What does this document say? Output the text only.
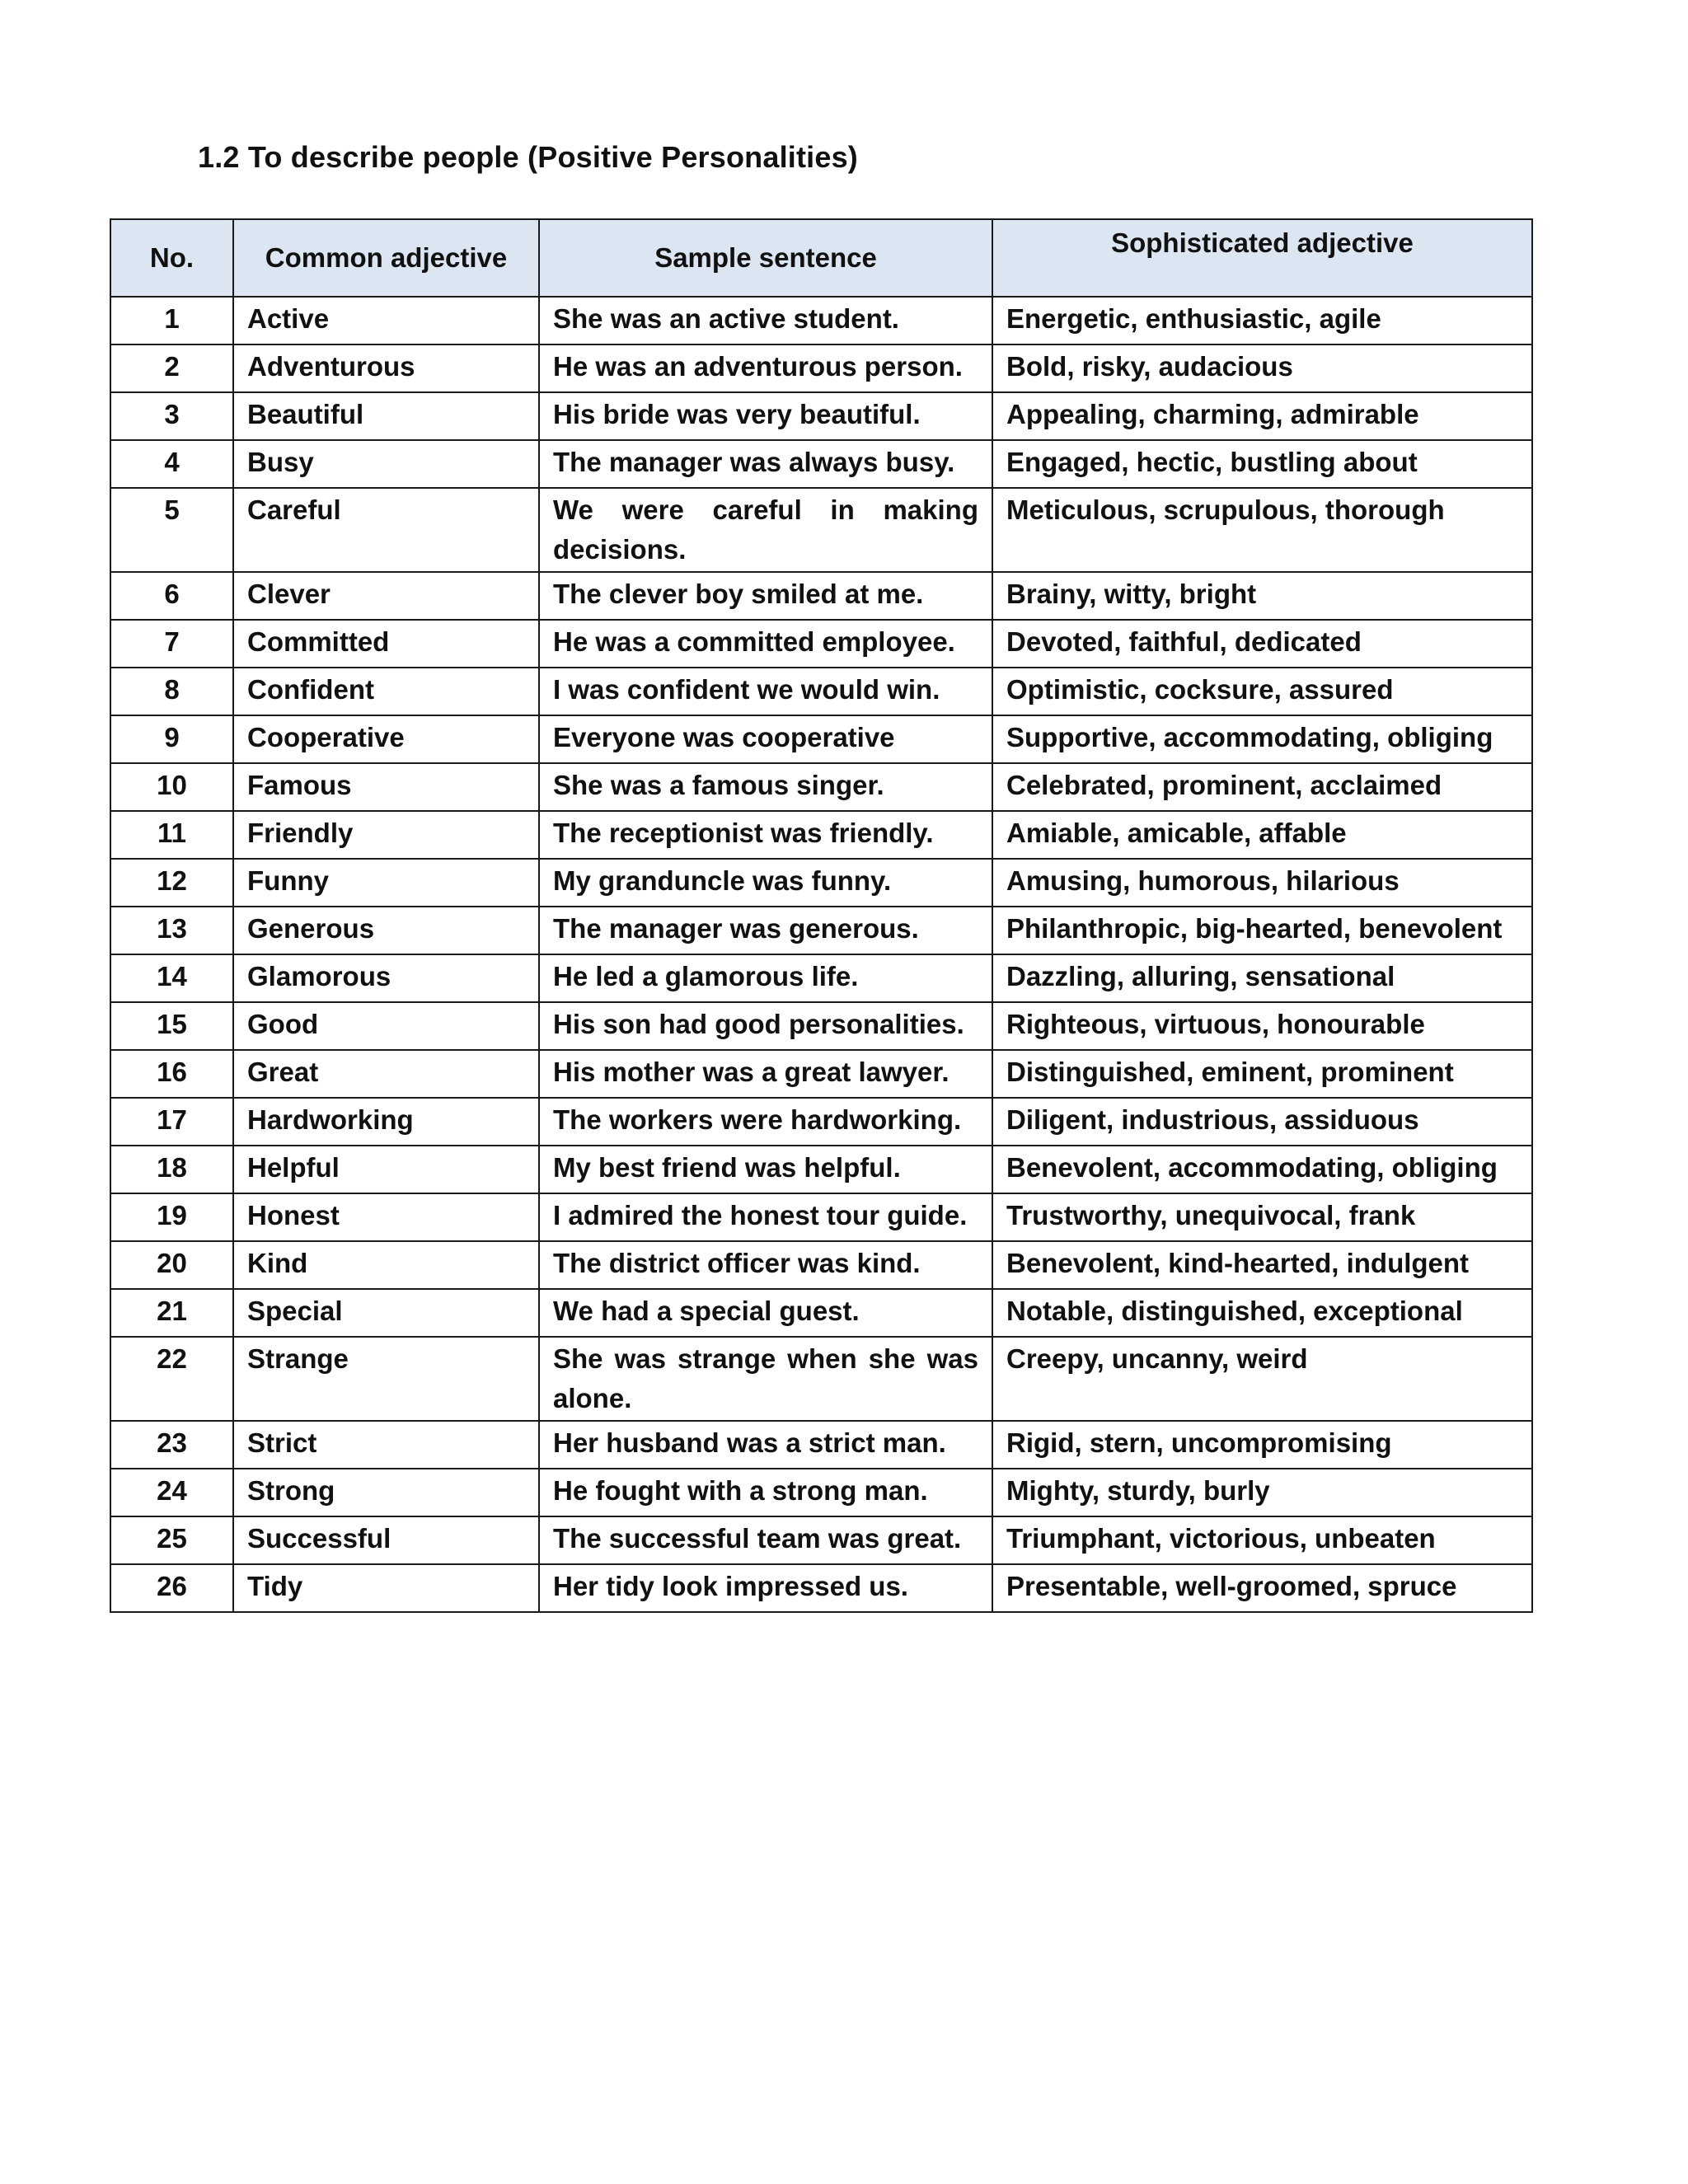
1.2 To describe people (Positive Personalities)
No.	Common adjective	Sample sentence	Sophisticated adjective
1	Active	She was an active student.	Energetic, enthusiastic, agile
2	Adventurous	He was an adventurous person.	Bold, risky, audacious
3	Beautiful	His bride was very beautiful.	Appealing, charming, admirable
4	Busy	The manager was always busy.	Engaged, hectic, bustling about
5	Careful	We were careful in making decisions.	Meticulous, scrupulous, thorough
6	Clever	The clever boy smiled at me.	Brainy, witty, bright
7	Committed	He was a committed employee.	Devoted, faithful, dedicated
8	Confident	I was confident we would win.	Optimistic, cocksure, assured
9	Cooperative	Everyone was cooperative	Supportive, accommodating, obliging
10	Famous	She was a famous singer.	Celebrated, prominent, acclaimed
11	Friendly	The receptionist was friendly.	Amiable, amicable, affable
12	Funny	My granduncle was funny.	Amusing, humorous, hilarious
13	Generous	The manager was generous.	Philanthropic, big-hearted, benevolent
14	Glamorous	He led a glamorous life.	Dazzling, alluring, sensational
15	Good	His son had good personalities.	Righteous, virtuous, honourable
16	Great	His mother was a great lawyer.	Distinguished, eminent, prominent
17	Hardworking	The workers were hardworking.	Diligent, industrious, assiduous
18	Helpful	My best friend was helpful.	Benevolent, accommodating, obliging
19	Honest	I admired the honest tour guide.	Trustworthy, unequivocal, frank
20	Kind	The district officer was kind.	Benevolent, kind-hearted, indulgent
21	Special	We had a special guest.	Notable, distinguished, exceptional
22	Strange	She was strange when she was alone.	Creepy, uncanny, weird
23	Strict	Her husband was a strict man.	Rigid, stern, uncompromising
24	Strong	He fought with a strong man.	Mighty, sturdy, burly
25	Successful	The successful team was great.	Triumphant, victorious, unbeaten
26	Tidy	Her tidy look impressed us.	Presentable, well-groomed, spruce
